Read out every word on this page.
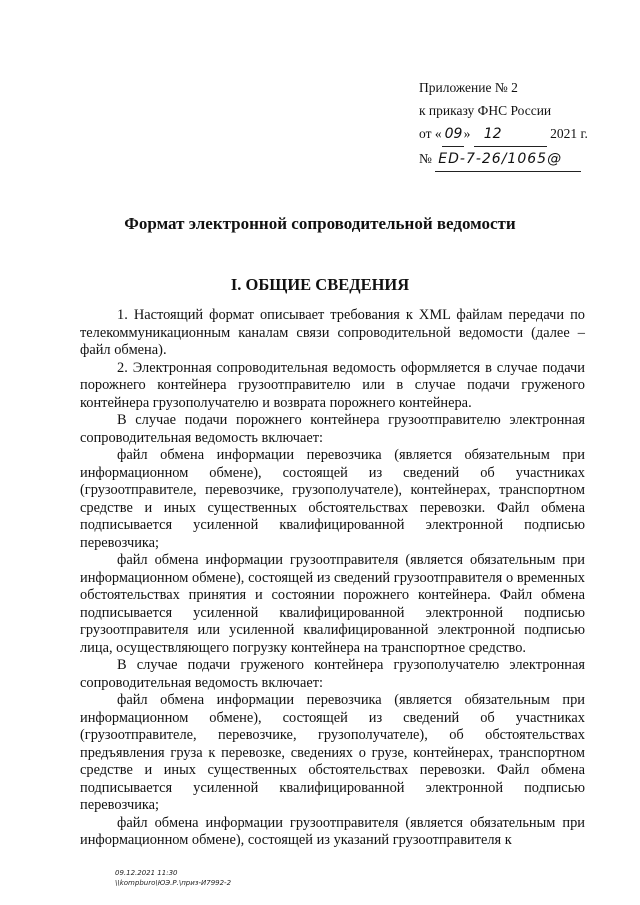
Приложение № 2
к приказу ФНС России
от « 09» 12	2021 г.
№ ED-7-26/1065@
Формат электронной сопроводительной ведомости
I. ОБЩИЕ СВЕДЕНИЯ

1. Настоящий формат описывает требования к XML файлам передачи по телекоммуникационным каналам связи сопроводительной ведомости (далее – файл обмена).

2. Электронная сопроводительная ведомость оформляется в случае подачи порожнего контейнера грузоотправителю или в случае подачи груженого контейнера грузополучателю и возврата порожнего контейнера.

В случае подачи порожнего контейнера грузоотправителю электронная сопроводительная ведомость включает:

файл обмена информации перевозчика (является обязательным при информационном обмене), состоящей из сведений об участниках (грузоотправителе, перевозчике, грузополучателе), контейнерах, транспортном средстве и иных существенных обстоятельствах перевозки. Файл обмена подписывается усиленной квалифицированной электронной подписью перевозчика;

файл обмена информации грузоотправителя (является обязательным при информационном обмене), состоящей из сведений грузоотправителя о временных обстоятельствах принятия и состоянии порожнего контейнера. Файл обмена подписывается усиленной квалифицированной электронной подписью грузоотправителя или усиленной квалифицированной электронной подписью лица, осуществляющего погрузку контейнера на транспортное средство.

В случае подачи груженого контейнера грузополучателю электронная сопроводительная ведомость включает:

файл обмена информации перевозчика (является обязательным при информационном обмене), состоящей из сведений об участниках (грузоотправителе, перевозчике, грузополучателе), об обстоятельствах предъявления груза к перевозке, сведениях о грузе, контейнерах, транспортном средстве и иных существенных обстоятельствах перевозки. Файл обмена подписывается усиленной квалифицированной электронной подписью перевозчика;

файл обмена информации грузоотправителя (является обязательным при информационном обмене), состоящей из указаний грузоотправителя к

09.12.2021 11:30
\\kompburo\ЮЭ.Р.\приз-И7992-2
